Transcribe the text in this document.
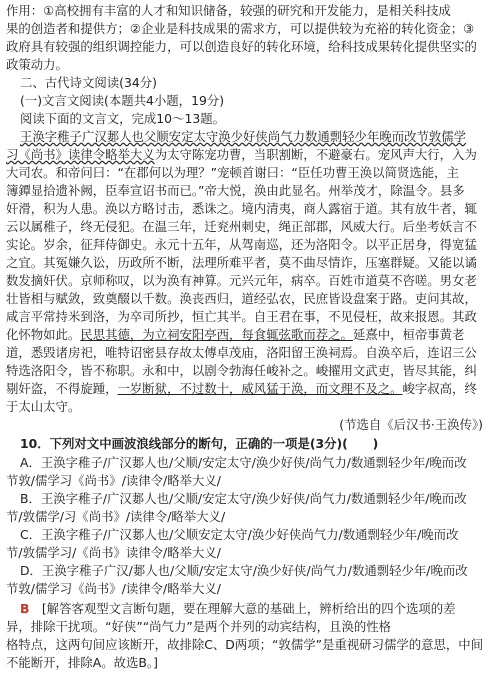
作用：①高校拥有丰富的人才和知识储备，较强的研究和开发能力，是相关科技成
果的创造者和提供方；②企业是科技成果的需求方，可以提供较为充裕的转化资金；③
政府具有较强的组织调控能力，可以创造良好的转化环境，给科技成果转化提供坚实的
政策动力。
二、古代诗文阅读(34分)
(一)文言文阅读(本题共4小题，19分)
阅读下面的文言文，完成10～13题。
王涣字稚子广汉郪人也父顺安定太守涣少好侠尚气力数通剽轻少年晚而改节敦儒学
习《尚书》读律令略举大义为太守陈宠功曹，当职割断，不避豪右。宠风声大行，入为
大司农。和帝问曰：“在郡何以为理？”宠顿首谢曰：“臣任功曹王涣以简贤选能，主
簿鐔显拾遗补阙，臣奉宣诏书而已。”帝大悦，涣由此显名。州举茂才，除温令。县多
奸滑，积为人患。涣以方略讨击，悉诛之。境内清夷，商人露宿于道。其有放牛者，辄
云以属稚子，终无侵犯。在温三年，迁兖州刺史，绳正部郡，风威大行。后坐考妖言不
实论。岁余，征拜侍御史。永元十五年，从驾南巡，还为洛阳令。以平正居身，得宽猛
之宜。其冤嫌久讼，历政所不断，法理所难平者，莫不曲尽情诈，压塞群疑。又能以谲
数发摘奸伏。京师称叹，以为涣有神算。元兴元年，病卒。百姓市道莫不咨嗟。男女老
壮皆相与赋敛，致奠醊以千数。涣丧西归，道经弘农，民庶皆设盘案于路。吏问其故，
咸言平常持米到洛，为卒司所抄，恒亡其半。自王君在事，不见侵枉，故来报恩。其政
化怀物如此。民思其德，为立祠安阳亭西，每食辄弦歌而荐之。延熹中，桓帝事黄老
道，悉毁诸房祀，唯特诏密县存故太傅卓茂庙，洛阳留王涣祠焉。自涣卒后，连诏三公
特选洛阳令，皆不称职。永和中，以剧令勃海任峻补之。峻擢用文武吏，皆尽其能，纠
剔奸盗，不得旋踵，一岁断狱，不过数十，威风猛于涣，而文理不及之。峻字叔高，终
于太山太守。
(节选自《后汉书·王涣传》)
10．下列对文中画波浪线部分的断句，正确的一项是(3分)(　　)
A．王涣字稚子/广汉郪人也/父顺/安定太守/涣少好侠/尚气力/数通剽轻少年/晚而改
节敦/儒学习《尚书》/读律令/略举大义/
B．王涣字稚子/广汉郪人也/父顺/安定太守/涣少好侠/尚气力/数通剽轻少年/晚而改
节/敦儒学/习《尚书》/读律令/略举大义/
C．王涣字稚子/广汉郪人也/父顺安定太守/涣少好侠尚气力/数通剽轻少年/晚而改
节/敦儒学习/《尚书》读律令/略举大义/
D．王涣字稚子广汉/郪人也/父顺/安定太守/涣少好侠/尚气力/数通剽轻少年/晚而改
节敦/儒学习《尚书》/读律令/略举大义/
B　 [解答客观型文言断句题，要在理解大意的基础上，辨析给出的四个选项的差
异，排除干扰项。“好侠”“尚气力”是两个并列的动宾结构，且涣的性格
格特点，这两句间应该断开，故排除C、D两项；“敦儒学”是重视研习儒学的意思，中间
不能断开，排除A。故选B。]
